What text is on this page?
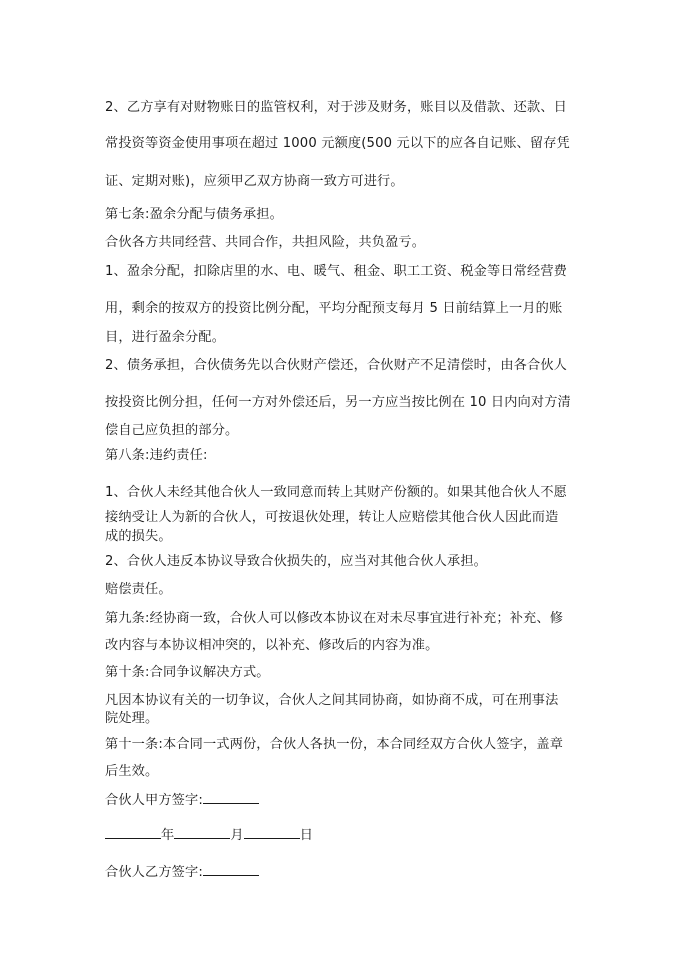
2、乙方享有对财物账日的监管权利，对于涉及财务，账目以及借款、还款、日
常投资等资金使用事项在超过 1000 元额度(500 元以下的应各自记账、留存凭
证、定期对账)，应须甲乙双方协商一致方可进行。
第七条:盈余分配与债务承担。
合伙各方共同经营、共同合作，共担风险，共负盈亏。
1、盈余分配，扣除店里的水、电、暖气、租金、职工工资、税金等日常经营费
用，剩余的按双方的投资比例分配，平均分配预支每月 5 日前结算上一月的账
目，进行盈余分配。
2、债务承担，合伙债务先以合伙财产偿还，合伙财产不足清偿时，由各合伙人
按投资比例分担，任何一方对外偿还后，另一方应当按比例在 10 日内向对方清
偿自己应负担的部分。
第八条:违约责任:
1、合伙人未经其他合伙人一致同意而转上其财产份额的。如果其他合伙人不愿
接纳受让人为新的合伙人，可按退伙处理，转让人应赔偿其他合伙人因此而造
成的损失。
2、合伙人违反本协议导致合伙损失的，应当对其他合伙人承担。
赔偿责任。
第九条:经协商一致，合伙人可以修改本协议在对未尽事宜进行补充；补充、修
改内容与本协议相冲突的，以补充、修改后的内容为准。
第十条:合同争议解决方式。
凡因本协议有关的一切争议，合伙人之间其同协商，如协商不成，可在刑事法
院处理。
第十一条:本合同一式两份，合伙人各执一份，本合同经双方合伙人签字，盖章
后生效。
合伙人甲方签字:
年	月	日
合伙人乙方签字:
